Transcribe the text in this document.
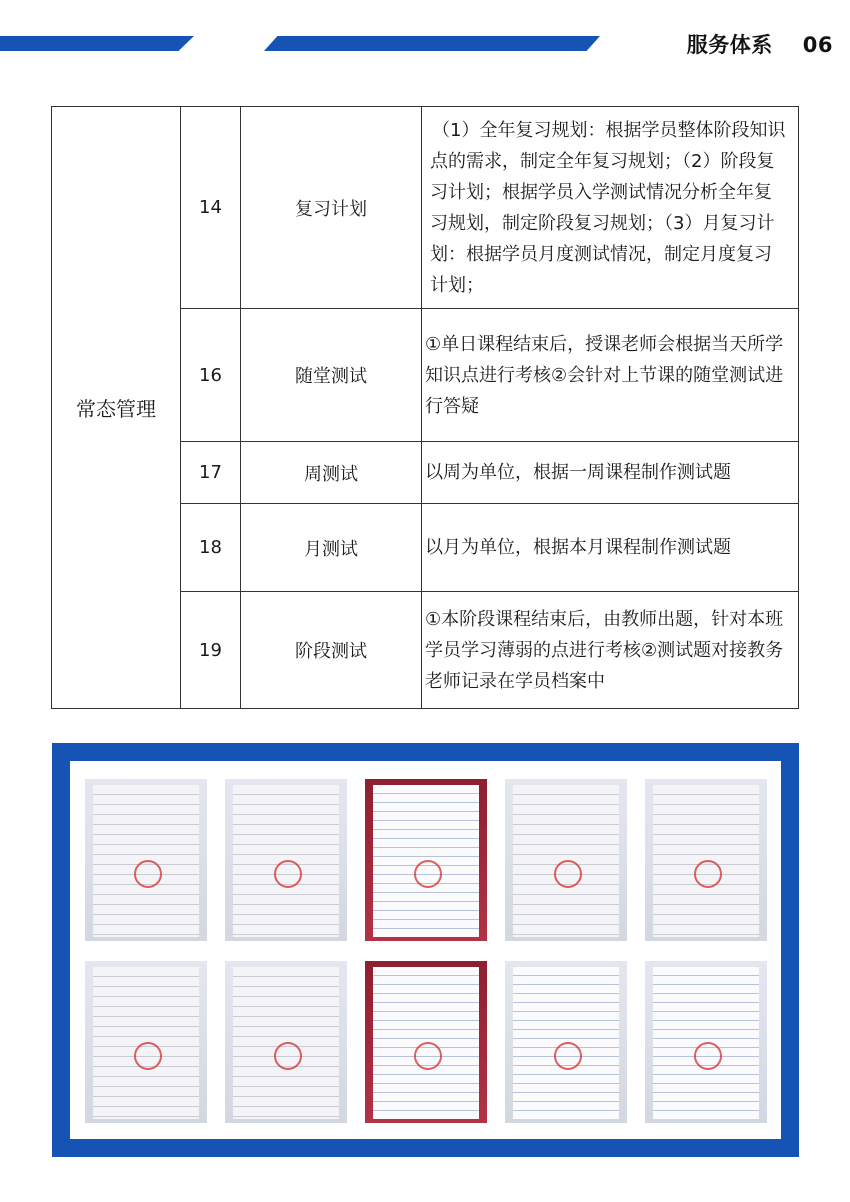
服务体系 06
常态管理	14	复习计划	（1）全年复习规划：根据学员整体阶段知识点的需求，制定全年复习规划；（2）阶段复习计划；根据学员入学测试情况分析全年复习规划，制定阶段复习规划；（3）月复习计划：根据学员月度测试情况，制定月度复习计划；
	16	随堂测试	①单日课程结束后，授课老师会根据当天所学知识点进行考核②会针对上节课的随堂测试进行答疑
	17	周测试	以周为单位，根据一周课程制作测试题
	18	月测试	以月为单位，根据本月课程制作测试题
	19	阶段测试	①本阶段课程结束后，由教师出题，针对本班学员学习薄弱的点进行考核②测试题对接教务老师记录在学员档案中
